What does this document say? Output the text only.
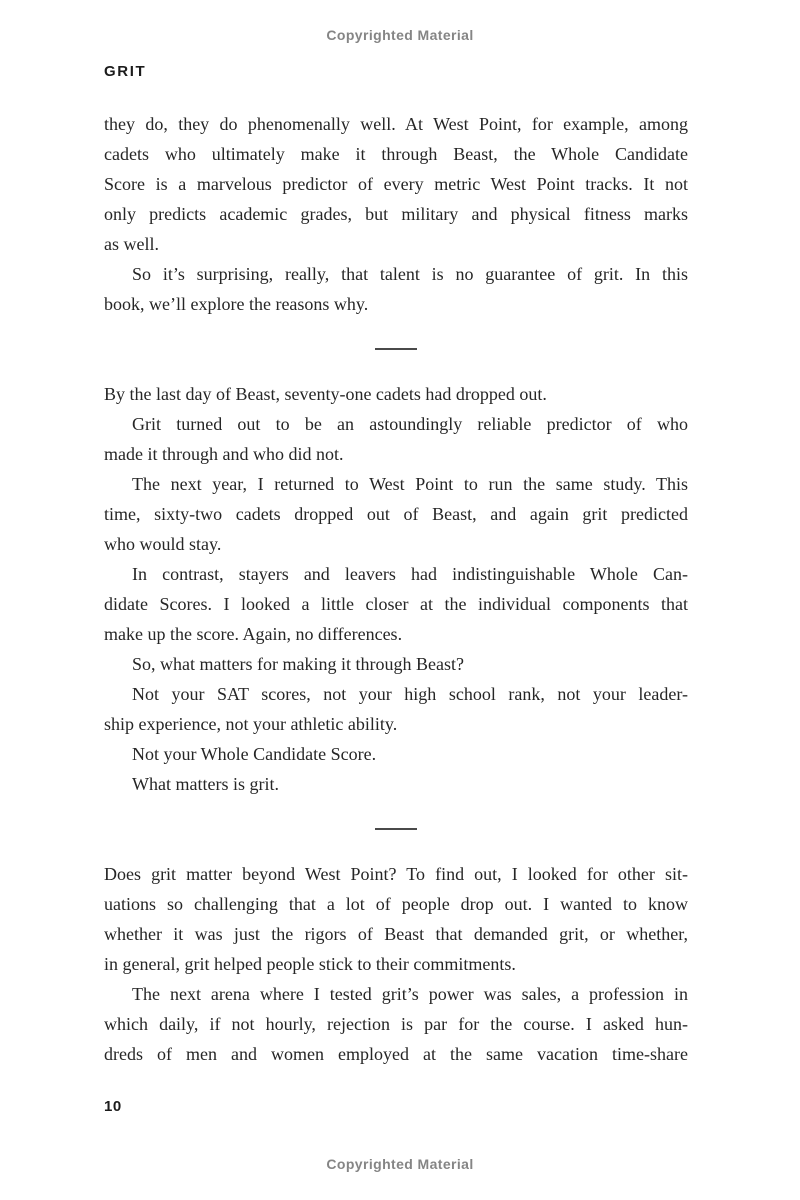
Copyrighted Material
GRIT
they do, they do phenomenally well. At West Point, for example, among
cadets who ultimately make it through Beast, the Whole Candidate
Score is a marvelous predictor of every metric West Point tracks. It not
only predicts academic grades, but military and physical fitness marks
as well.
So it’s surprising, really, that talent is no guarantee of grit. In this
book, we’ll explore the reasons why.
By the last day of Beast, seventy-one cadets had dropped out.
Grit turned out to be an astoundingly reliable predictor of who
made it through and who did not.
The next year, I returned to West Point to run the same study. This
time, sixty-two cadets dropped out of Beast, and again grit predicted
who would stay.
In contrast, stayers and leavers had indistinguishable Whole Can-
didate Scores. I looked a little closer at the individual components that
make up the score. Again, no differences.
So, what matters for making it through Beast?
Not your SAT scores, not your high school rank, not your leader-
ship experience, not your athletic ability.
Not your Whole Candidate Score.
What matters is grit.
Does grit matter beyond West Point? To find out, I looked for other sit-
uations so challenging that a lot of people drop out. I wanted to know
whether it was just the rigors of Beast that demanded grit, or whether,
in general, grit helped people stick to their commitments.
The next arena where I tested grit’s power was sales, a profession in
which daily, if not hourly, rejection is par for the course. I asked hun-
dreds of men and women employed at the same vacation time-share
10
Copyrighted Material
